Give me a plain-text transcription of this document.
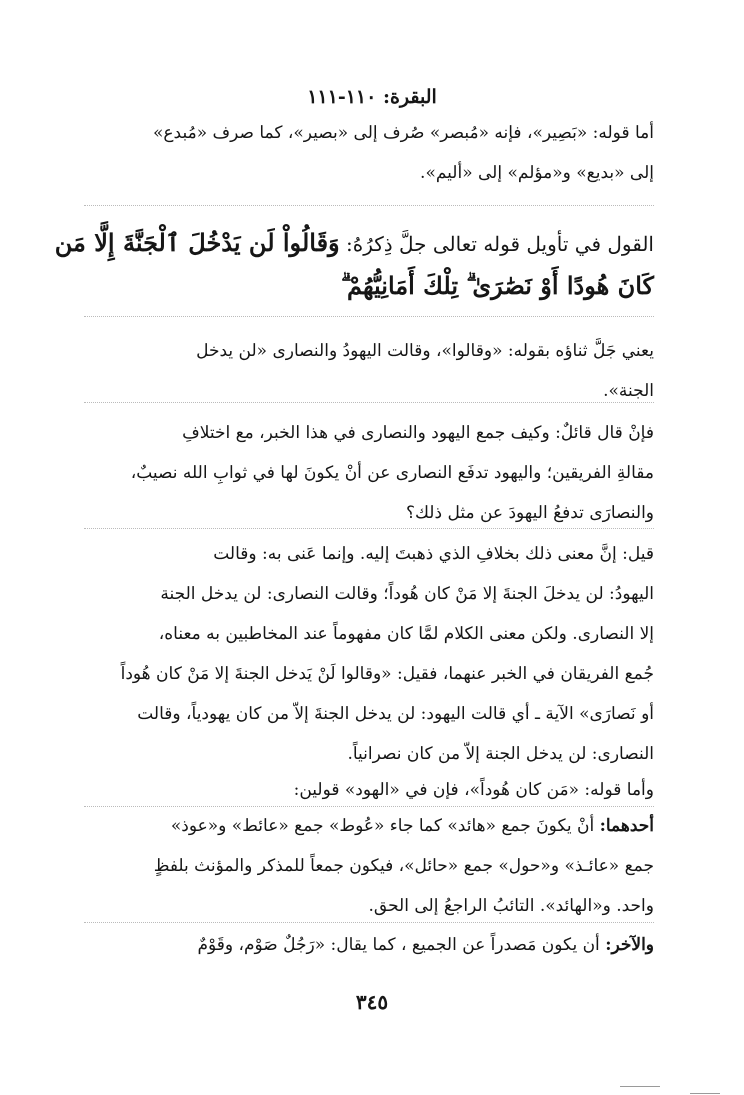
البقرة: ١١٠-١١١
أما قوله: «بَصِير»، فإنه «مُبصر» صُرف إلى «بصير»، كما صرف «مُبدع»
إلى «بديع» و«مؤلم» إلى «أليم».
القول في تأويل قوله تعالى جلَّ ذِكرُهُ: وَقَالُواْ لَن يَدْخُلَ ٱلْجَنَّةَ إِلَّا مَن
كَانَ هُودًا أَوْ نَصَٰرَىٰ ۗ تِلْكَ أَمَانِيُّهُمْ ۗ
يعني جَلَّ ثناؤه بقوله: «وقالوا»، وقالت اليهودُ والنصارى «لن يدخل
الجنة».
فإنْ قال قائلٌ: وكيف جمع اليهود والنصارى في هذا الخبر، مع اختلافِ
مقالةِ الفريقين؛ واليهود تدفَع النصارى عن أنْ يكونَ لها في ثوابِ الله نصيبٌ،
والنصارَى تدفعُ اليهودَ عن مثل ذلك؟
قيل: إنَّ معنى ذلك بخلافِ الذي ذهبتَ إليه. وإنما عَنى به: وقالت
اليهودُ: لن يدخلَ الجنةَ إلا مَنْ كان هُوداً؛ وقالت النصارى: لن يدخل الجنة
إلا النصارى. ولكن معنى الكلام لمَّا كان مفهوماً عند المخاطبين به معناه،
جُمع الفريقان في الخبر عنهما، فقيل: «وقالوا لَنْ يَدخل الجنةَ إلا مَنْ كان هُوداً
أو نَصارَى» الآية ـ أي قالت اليهود: لن يدخل الجنةَ إلاّ من كان يهودياً، وقالت
النصارى: لن يدخل الجنة إلاّ من كان نصرانياً.
وأما قوله: «مَن كان هُوداً»، فإن في «الهود» قولين:
أحدهما: أنْ يكونَ جمع «هائد» كما جاء «عُوط» جمع «عائط» و«عوذ»
جمع «عائـذ» و«حول» جمع «حائل»، فيكون جمعاً للمذكر والمؤنث بلفظٍ
واحد. و«الهائد». التائبُ الراجعُ إلى الحق.
والآخر: أن يكون مَصدراً عن الجميع ، كما يقال: «رَجُلٌ صَوْم، وقَوْمٌ
٣٤٥
